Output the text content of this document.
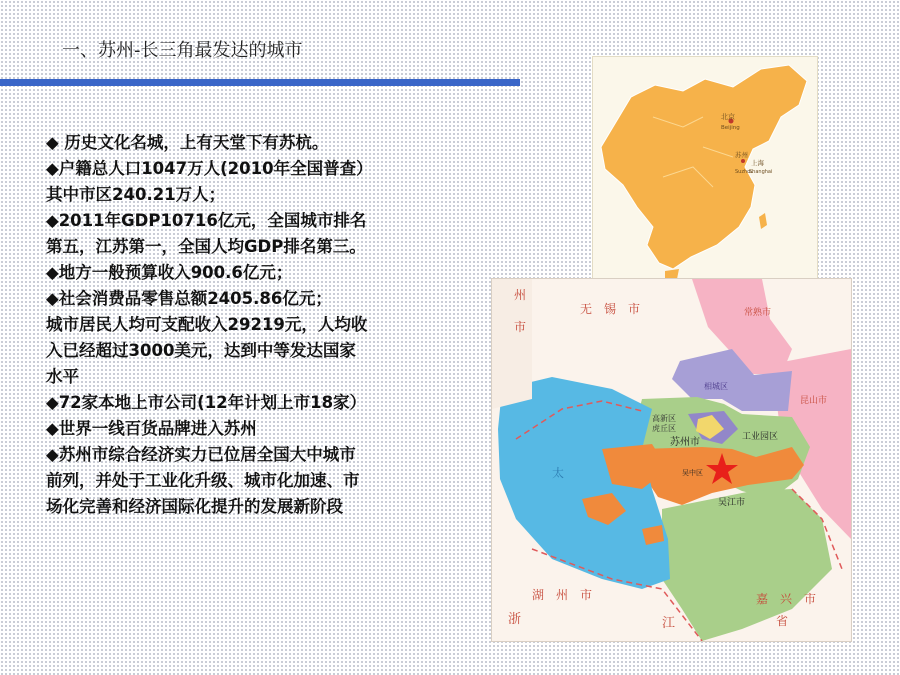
一、苏州-长三角最发达的城市
◆ 历史文化名城，上有天堂下有苏杭。
◆户籍总人口1047万人(2010年全国普查）
其中市区240.21万人；
◆2011年GDP10716亿元，全国城市排名
第五，江苏第一，全国人均GDP排名第三。
◆地方一般预算收入900.6亿元；
◆社会消费品零售总额2405.86亿元；
城市居民人均可支配收入29219元，人均收
入已经超过3000美元，达到中等发达国家
水平
◆72家本地上市公司(12年计划上市18家）
◆世界一线百货品牌进入苏州
◆苏州市综合经济实力已位居全国大中城市
前列，并处于工业化升级、城市化加速、市
场化完善和经济国际化提升的发展新阶段
北京
Beijing
苏州
Suzhou
上海
Shanghai
州
市
无　锡　市	常熟市
相城区
昆山市
高新区
虎丘区
苏州市	工业园区
吴中区
吴江市
太
湖　州　市
浙	江
嘉　兴　市
省
